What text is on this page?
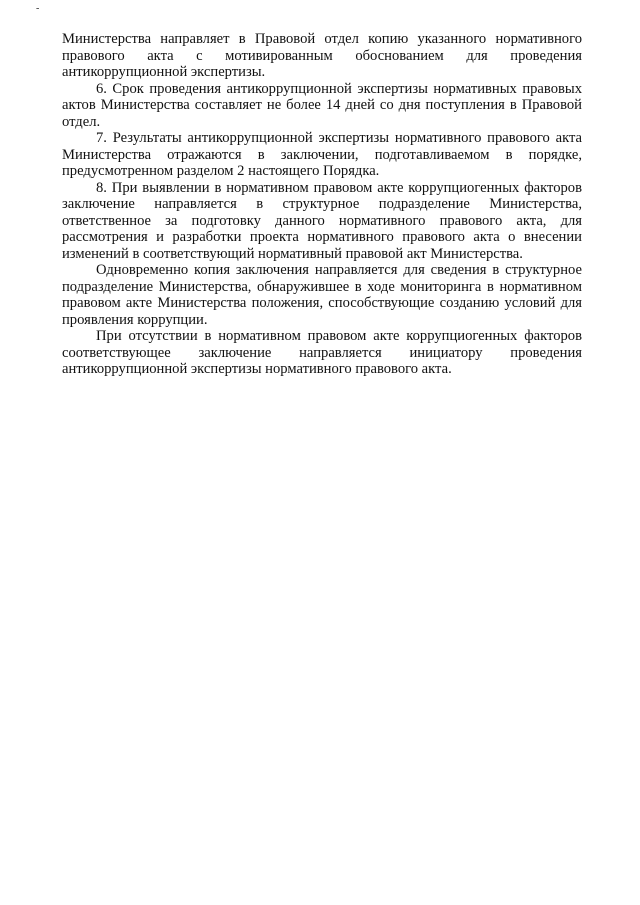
-

Министерства направляет в Правовой отдел копию указанного нормативного правового акта с мотивированным обоснованием для проведения антикоррупционной экспертизы.

6. Срок проведения антикоррупционной экспертизы нормативных правовых актов Министерства составляет не более 14 дней со дня поступления в Правовой отдел.

7. Результаты антикоррупционной экспертизы нормативного правового акта Министерства отражаются в заключении, подготавливаемом в порядке, предусмотренном разделом 2 настоящего Порядка.

8. При выявлении в нормативном правовом акте коррупциогенных факторов заключение направляется в структурное подразделение Министерства, ответственное за подготовку данного нормативного правового акта, для рассмотрения и разработки проекта нормативного правового акта о внесении изменений в соответствующий нормативный правовой акт Министерства.

Одновременно копия заключения направляется для сведения в структурное подразделение Министерства, обнаружившее в ходе мониторинга в нормативном правовом акте Министерства положения, способствующие созданию условий для проявления коррупции.

При отсутствии в нормативном правовом акте коррупциогенных факторов соответствующее заключение направляется инициатору проведения антикоррупционной экспертизы нормативного правового акта.
